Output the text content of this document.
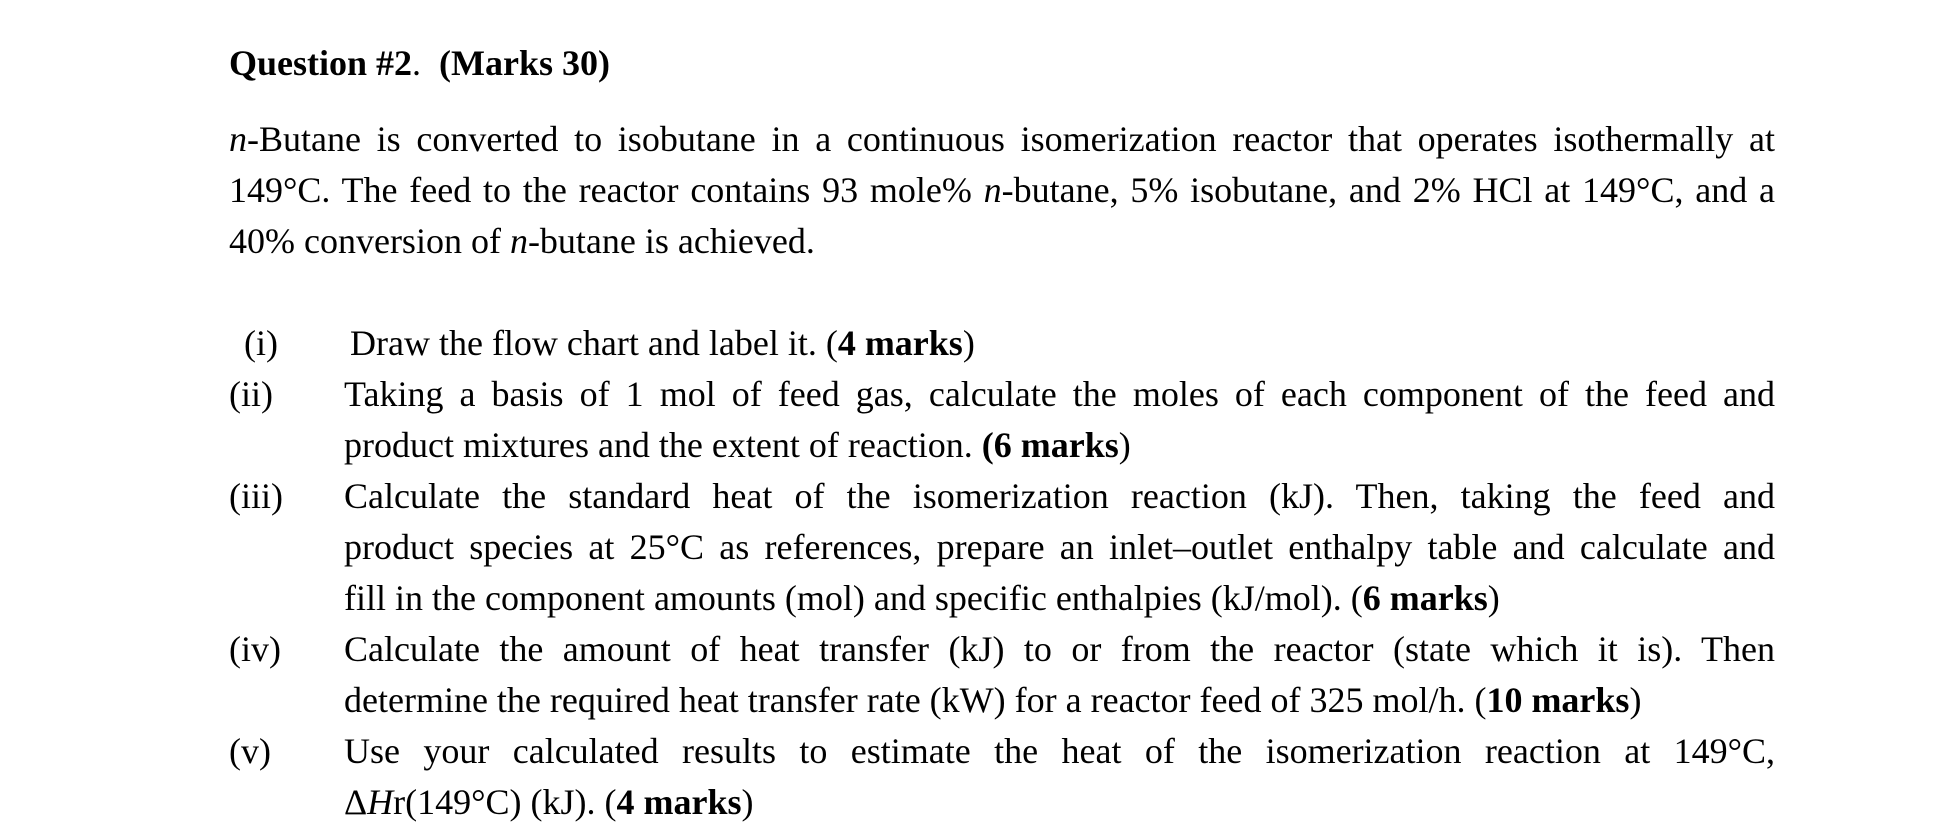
Question #2. (Marks 30)
n-Butane is converted to isobutane in a continuous isomerization reactor that operates isothermally at 149°C. The feed to the reactor contains 93 mole% n-butane, 5% isobutane, and 2% HCl at 149°C, and a 40% conversion of n-butane is achieved.
(i)	Draw the flow chart and label it. (4 marks)
(ii)	Taking a basis of 1 mol of feed gas, calculate the moles of each component of the feed and
product mixtures and the extent of reaction. (6 marks)
(iii)	Calculate the standard heat of the isomerization reaction (kJ). Then, taking the feed and
product species at 25°C as references, prepare an inlet–outlet enthalpy table and calculate and
fill in the component amounts (mol) and specific enthalpies (kJ/mol). (6 marks)
(iv)	Calculate the amount of heat transfer (kJ) to or from the reactor (state which it is). Then
determine the required heat transfer rate (kW) for a reactor feed of 325 mol/h. (10 marks)
(v)	Use your calculated results to estimate the heat of the isomerization reaction at 149°C,
ΔHr(149°C) (kJ). (4 marks)
